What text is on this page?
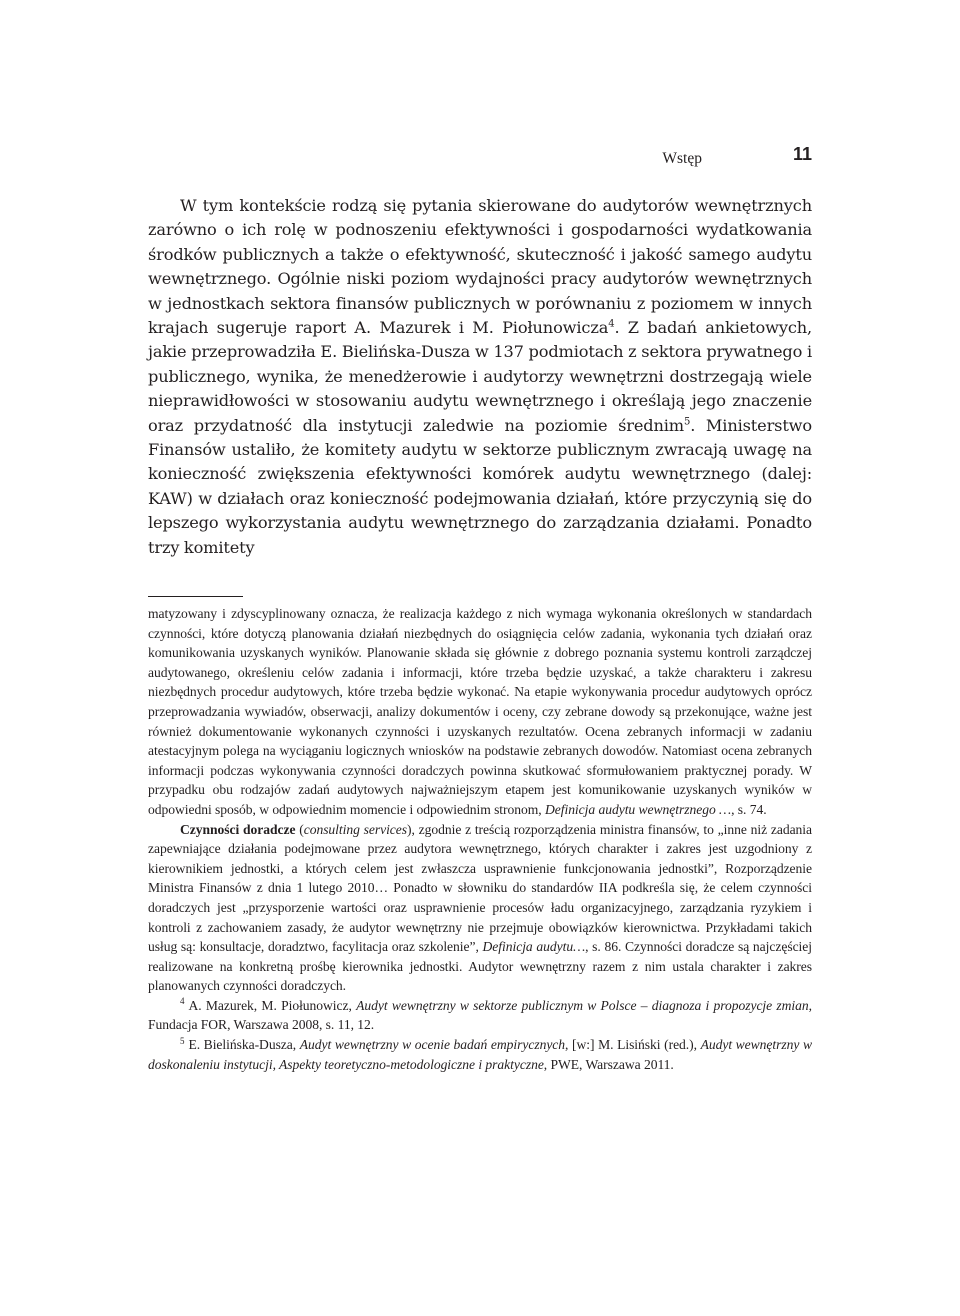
Wstęp	11

W tym kontekście rodzą się pytania skierowane do audytorów wewnętrznych zarówno o ich rolę w podnoszeniu efektywności i gospodarności wydatkowania środków publicznych a także o efektywność, skuteczność i jakość samego audytu wewnętrznego. Ogólnie niski poziom wydajności pracy audytorów wewnętrznych w jednostkach sektora finansów publicznych w porównaniu z poziomem w innych krajach sugeruje raport A. Mazurek i M. Piołunowicza$^4$. Z badań ankietowych, jakie przeprowadziła E. Bielińska-Dusza w 137 podmiotach z sektora prywatnego i publicznego, wynika, że menedżerowie i audytorzy wewnętrzni dostrzegają wiele nieprawidłowości w stosowaniu audytu wewnętrznego i określają jego znaczenie oraz przydatność dla instytucji zaledwie na poziomie średnim$^5$. Ministerstwo Finansów ustaliło, że komitety audytu w sektorze publicznym zwracają uwagę na konieczność zwiększenia efektywności komórek audytu wewnętrznego (dalej: KAW) w działach oraz konieczność podejmowania działań, które przyczynią się do lepszego wykorzystania audytu wewnętrznego do zarządzania działami. Ponadto trzy komitety

matyzowany i zdyscyplinowany oznacza, że realizacja każdego z nich wymaga wykonania określonych w standardach czynności, które dotyczą planowania działań niezbędnych do osiągnięcia celów zadania, wykonania tych działań oraz komunikowania uzyskanych wyników. Planowanie składa się głównie z dobrego poznania systemu kontroli zarządczej audytowanego, określeniu celów zadania i informacji, które trzeba będzie uzyskać, a także charakteru i zakresu niezbędnych procedur audytowych, które trzeba będzie wykonać. Na etapie wykonywania procedur audytowych oprócz przeprowadzania wywiadów, obserwacji, analizy dokumentów i oceny, czy zebrane dowody są przekonujące, ważne jest również dokumentowanie wykonanych czynności i uzyskanych rezultatów. Ocena zebranych informacji w zadaniu atestacyjnym polega na wyciąganiu logicznych wniosków na podstawie zebranych dowodów. Natomiast ocena zebranych informacji podczas wykonywania czynności doradczych powinna skutkować sformułowaniem praktycznej porady. W przypadku obu rodzajów zadań audytowych najważniejszym etapem jest komunikowanie uzyskanych wyników w odpowiedni sposób, w odpowiednim momencie i odpowiednim stronom, Definicja audytu wewnętrznego …, s. 74.

Czynności doradcze (consulting services), zgodnie z treścią rozporządzenia ministra finansów, to „inne niż zadania zapewniające działania podejmowane przez audytora wewnętrznego, których charakter i zakres jest uzgodniony z kierownikiem jednostki, a których celem jest zwłaszcza usprawnienie funkcjonowania jednostki”, Rozporządzenie Ministra Finansów z dnia 1 lutego 2010… Ponadto w słowniku do standardów IIA podkreśla się, że celem czynności doradczych jest „przysporzenie wartości oraz usprawnienie procesów ładu organizacyjnego, zarządzania ryzykiem i kontroli z zachowaniem zasady, że audytor wewnętrzny nie przejmuje obowiązków kierownictwa. Przykładami takich usług są: konsultacje, doradztwo, facylitacja oraz szkolenie”, Definicja audytu…, s. 86. Czynności doradcze są najczęściej realizowane na konkretną prośbę kierownika jednostki. Audytor wewnętrzny razem z nim ustala charakter i zakres planowanych czynności doradczych.

$^4$ A. Mazurek, M. Piołunowicz, Audyt wewnętrzny w sektorze publicznym w Polsce – diagnoza i propozycje zmian, Fundacja FOR, Warszawa 2008, s. 11, 12.

$^5$ E. Bielińska-Dusza, Audyt wewnętrzny w ocenie badań empirycznych, [w:] M. Lisiński (red.), Audyt wewnętrzny w doskonaleniu instytucji, Aspekty teoretyczno-metodologiczne i praktyczne, PWE, Warszawa 2011.
